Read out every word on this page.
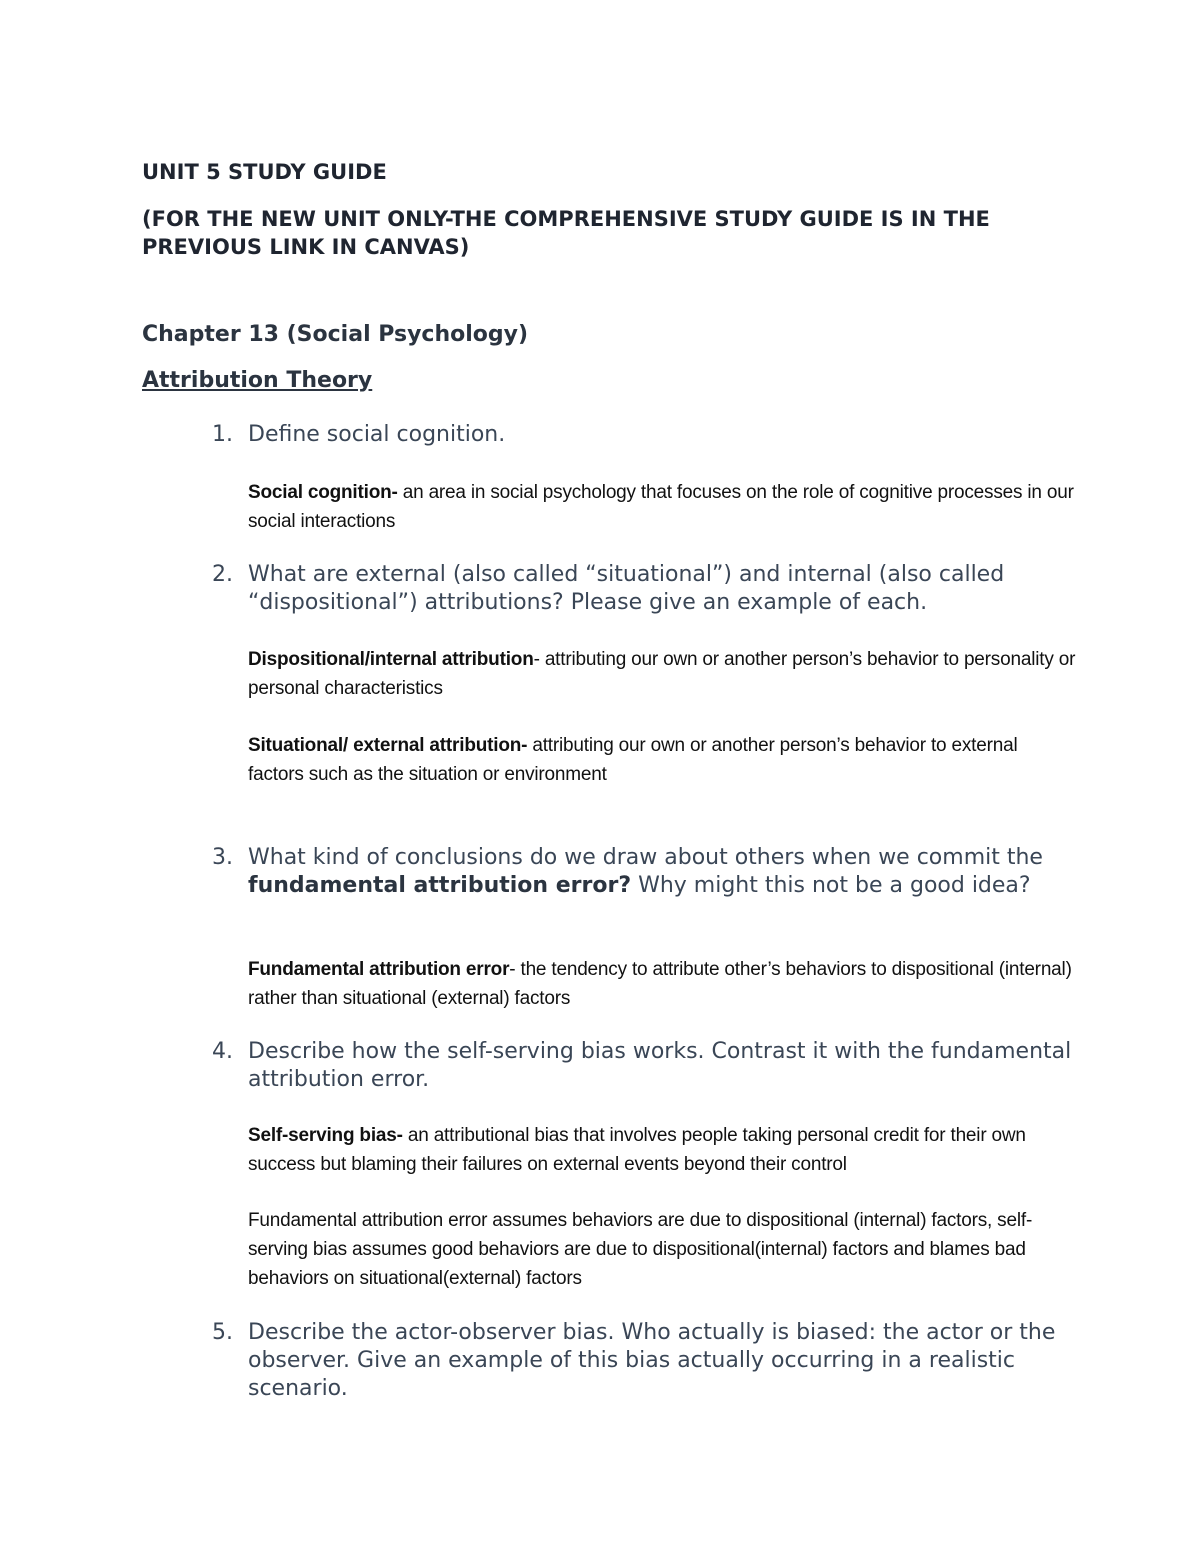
UNIT 5 STUDY GUIDE
(FOR THE NEW UNIT ONLY-THE COMPREHENSIVE STUDY GUIDE IS IN THE PREVIOUS LINK IN CANVAS)
Chapter 13 (Social Psychology)
Attribution Theory
1. Define social cognition.
Social cognition- an area in social psychology that focuses on the role of cognitive processes in our social interactions
2. What are external (also called “situational”) and internal (also called “dispositional”) attributions? Please give an example of each.
Dispositional/internal attribution- attributing our own or another person’s behavior to personality or personal characteristics
Situational/ external attribution- attributing our own or another person’s behavior to external factors such as the situation or environment
3. What kind of conclusions do we draw about others when we commit the fundamental attribution error? Why might this not be a good idea?
Fundamental attribution error- the tendency to attribute other’s behaviors to dispositional (internal) rather than situational (external) factors
4. Describe how the self-serving bias works. Contrast it with the fundamental attribution error.
Self-serving bias- an attributional bias that involves people taking personal credit for their own success but blaming their failures on external events beyond their control
Fundamental attribution error assumes behaviors are due to dispositional (internal) factors, self-serving bias assumes good behaviors are due to dispositional(internal) factors and blames bad behaviors on situational(external) factors
5. Describe the actor-observer bias. Who actually is biased: the actor or the observer. Give an example of this bias actually occurring in a realistic scenario.
